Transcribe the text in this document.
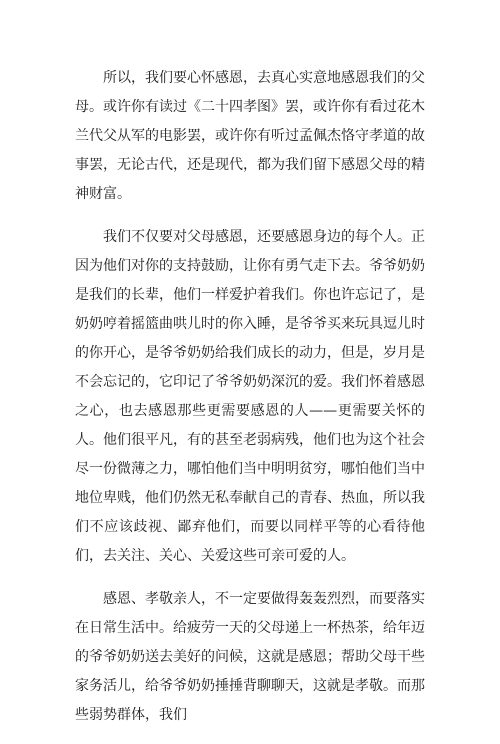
所以，我们要心怀感恩，去真心实意地感恩我们的父母。或许你有读过《二十四孝图》罢，或许你有看过花木兰代父从军的电影罢，或许你有听过孟佩杰恪守孝道的故事罢，无论古代，还是现代，都为我们留下感恩父母的精神财富。

我们不仅要对父母感恩，还要感恩身边的每个人。正因为他们对你的支持鼓励，让你有勇气走下去。爷爷奶奶是我们的长辈，他们一样爱护着我们。你也许忘记了，是奶奶哼着摇篮曲哄儿时的你入睡，是爷爷买来玩具逗儿时的你开心，是爷爷奶奶给我们成长的动力，但是，岁月是不会忘记的，它印记了爷爷奶奶深沉的爱。我们怀着感恩之心，也去感恩那些更需要感恩的人——更需要关怀的人。他们很平凡，有的甚至老弱病残，他们也为这个社会尽一份微薄之力，哪怕他们当中明明贫穷，哪怕他们当中地位卑贱，他们仍然无私奉献自己的青春、热血，所以我们不应该歧视、鄙弃他们，而要以同样平等的心看待他们，去关注、关心、关爱这些可亲可爱的人。

感恩、孝敬亲人，不一定要做得轰轰烈烈，而要落实在日常生活中。给疲劳一天的父母递上一杯热茶，给年迈的爷爷奶奶送去美好的问候，这就是感恩；帮助父母干些家务活儿，给爷爷奶奶捶捶背聊聊天，这就是孝敬。而那些弱势群体，我们
